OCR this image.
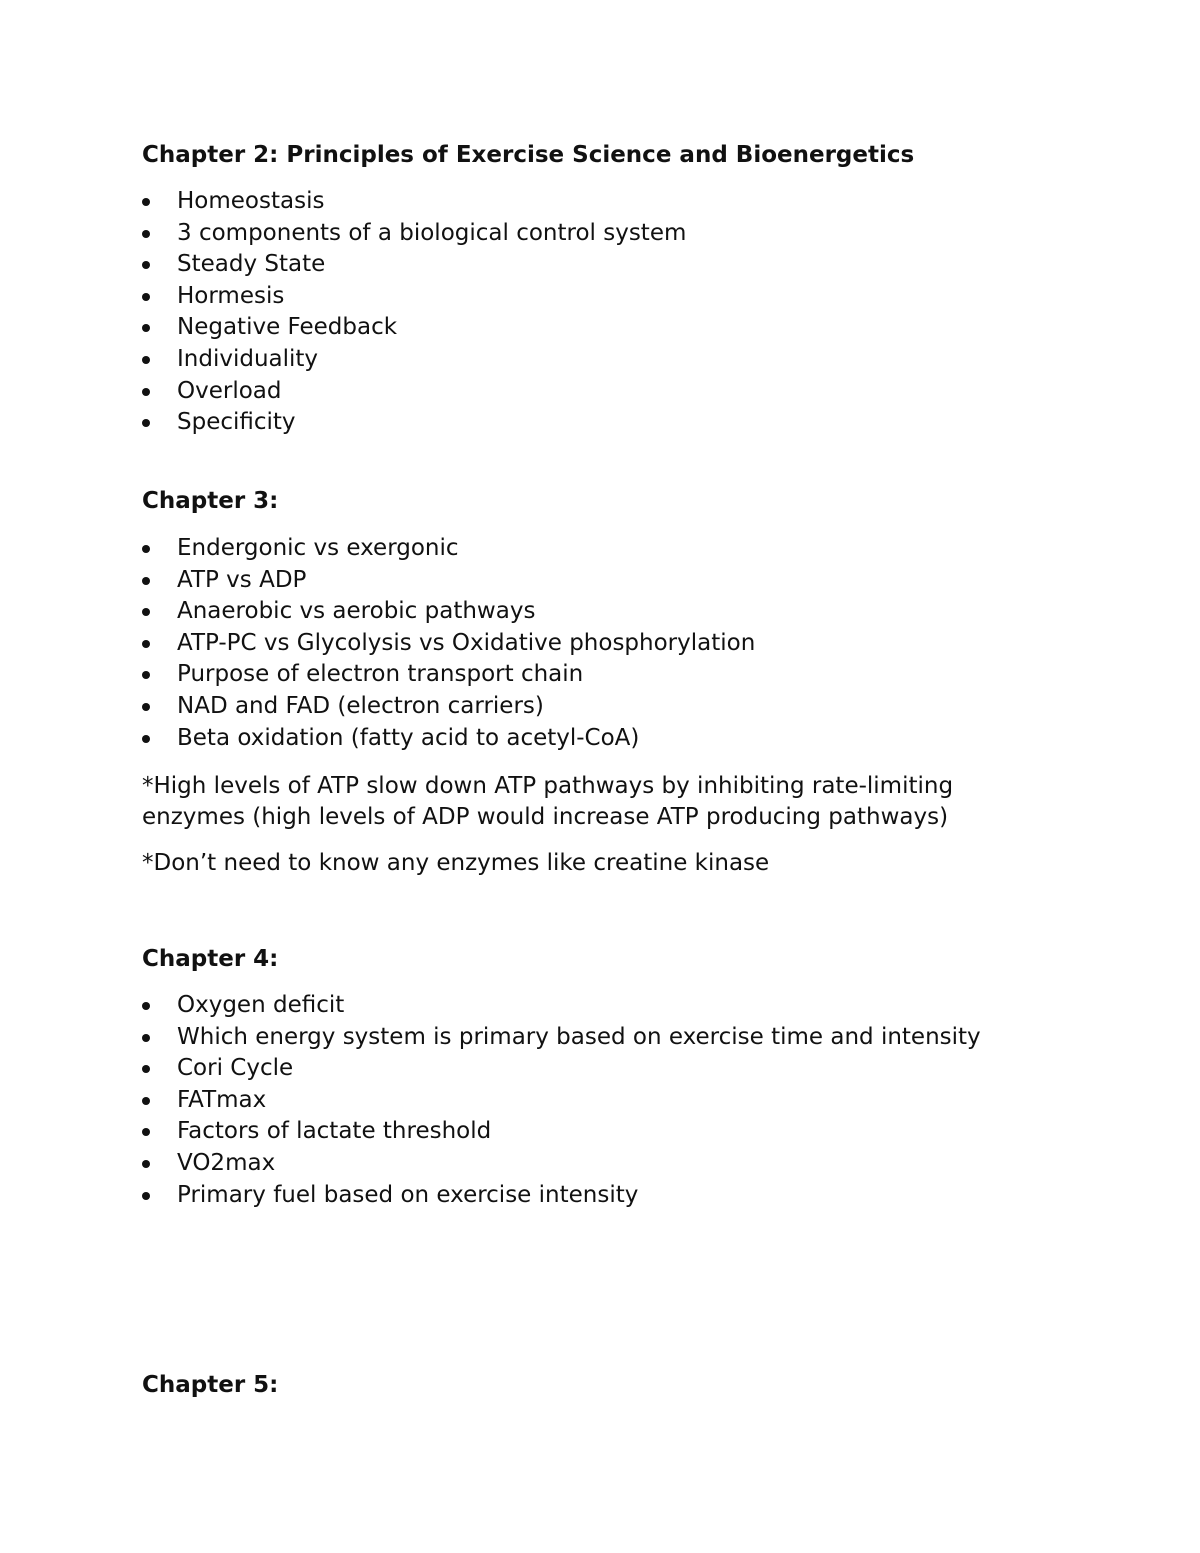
Chapter 2: Principles of Exercise Science and Bioenergetics
Homeostasis
3 components of a biological control system
Steady State
Hormesis
Negative Feedback
Individuality
Overload
Specificity
Chapter 3:
Endergonic vs exergonic
ATP vs ADP
Anaerobic vs aerobic pathways
ATP-PC vs Glycolysis vs Oxidative phosphorylation
Purpose of electron transport chain
NAD and FAD (electron carriers)
Beta oxidation (fatty acid to acetyl-CoA)
*High levels of ATP slow down ATP pathways by inhibiting rate-limiting
enzymes (high levels of ADP would increase ATP producing pathways)
*Don’t need to know any enzymes like creatine kinase
Chapter 4:
Oxygen deficit
Which energy system is primary based on exercise time and intensity
Cori Cycle
FATmax
Factors of lactate threshold
VO2max
Primary fuel based on exercise intensity
Chapter 5:
